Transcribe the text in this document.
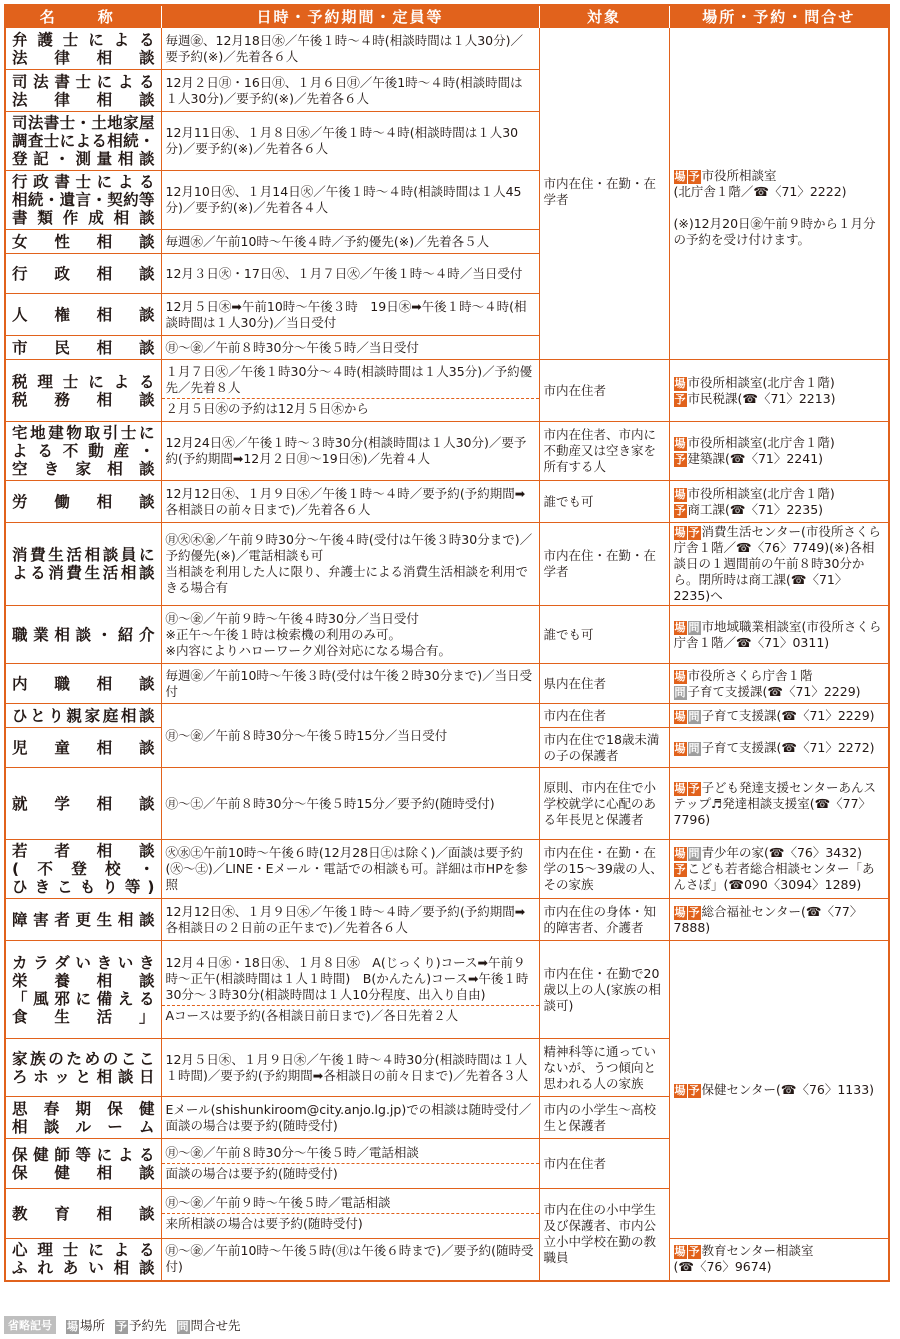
名　称	日時・予約期間・定員等	対象	場所・予約・問合せ
弁護士による
法律相談	毎週㊎、12月18日㊌／午後１時～４時(相談時間は１人30分)／要予約(※)／先着各６人	市内在住・在勤・在学者	場 予 市役所相談室
(北庁舎１階／☎〈71〉2222)

(※)12月20日㊎午前９時から１月分の予約を受け付けます。
司法書士による
法律相談	12月２日㊊・16日㊊、１月６日㊊／午後1時～４時(相談時間は１人30分)／要予約(※)／先着各６人		
司法書士・土地家屋
調査士による相続・
登記・測量相談	12月11日㊌、１月８日㊌／午後１時～４時(相談時間は１人30分)／要予約(※)／先着各６人		
行政書士による
相続・遺言・契約等
書類作成相談	12月10日㊋、１月14日㊋／午後１時～４時(相談時間は１人45分)／要予約(※)／先着各４人		
女性相談	毎週㊌／午前10時～午後４時／予約優先(※)／先着各５人		
行政相談	12月３日㊋・17日㊋、１月７日㊋／午後１時～４時／当日受付		
人権相談	12月５日㊍➡午前10時～午後３時　19日㊍➡午後１時～４時(相談時間は１人30分)／当日受付		
市民相談	㊊～㊎／午前８時30分～午後５時／当日受付		
税理士による
税務相談	１月７日㊋／午後１時30分～４時(相談時間は１人35分)／予約優先／先着８人
２月５日㊌の予約は12月５日㊍から	市内在住者	場 市役所相談室(北庁舎１階)
予 市民税課(☎〈71〉2213)
宅地建物取引士に
よる不動産・
空き家相談	12月24日㊋／午後１時～３時30分(相談時間は１人30分)／要予約(予約期間➡12月２日㊊～19日㊍)／先着４人	市内在住者、市内に不動産又は空き家を所有する人	場 市役所相談室(北庁舎１階)
予 建築課(☎〈71〉2241)
労働相談	12月12日㊍、１月９日㊍／午後１時～４時／要予約(予約期間➡各相談日の前々日まで)／先着各６人	誰でも可	場 市役所相談室(北庁舎１階)
予 商工課(☎〈71〉2235)
消費生活相談員に
よる消費生活相談	㊊㊋㊍㊎／午前９時30分～午後４時(受付は午後３時30分まで)／予約優先(※)／電話相談も可
当相談を利用した人に限り、弁護士による消費生活相談を利用できる場合有	市内在住・在勤・在学者	場 予 消費生活センター(市役所さくら庁舎１階／☎〈76〉7749)(※)各相談日の１週間前の午前８時30分から。閉所時は商工課(☎〈71〉2235)へ
職業相談・紹介	㊊～㊎／午前９時～午後４時30分／当日受付
※正午～午後１時は検索機の利用のみ可。
※内容によりハローワーク刈谷対応になる場合有。	誰でも可	場 問 市地域職業相談室(市役所さくら庁舎１階／☎〈71〉0311)
内職相談	毎週㊎／午前10時～午後３時(受付は午後２時30分まで)／当日受付	県内在住者	場 市役所さくら庁舎１階
問 子育て支援課(☎〈71〉2229)
ひとり親家庭相談	㊊～㊎／午前８時30分～午後５時15分／当日受付	市内在住者	場 問 子育て支援課(☎〈71〉2229)
児童相談		市内在住で18歳未満の子の保護者	場 問 子育て支援課(☎〈71〉2272)
就学相談	㊊～㊏／午前８時30分～午後５時15分／要予約(随時受付)	原則、市内在住で小学校就学に心配のある年長児と保護者	場 予 子ども発達支援センターあんステップ♬発達相談支援室(☎〈77〉7796)
若者相談
(不登校・
ひきこもり等)	㊋㊌㊏午前10時～午後６時(12月28日㊏は除く)／面談は要予約(㊋～㊏)／LINE・Eメール・電話での相談も可。詳細は市HPを参照	市内在住・在勤・在学の15～39歳の人、その家族	場 問 青少年の家(☎〈76〉3432)
予 こども若者総合相談センター「あんさぽ」(☎090〈3094〉1289)
障害者更生相談	12月12日㊍、１月９日㊍／午後１時～４時／要予約(予約期間➡各相談日の２日前の正午まで)／先着各６人	市内在住の身体・知的障害者、介護者	場 予 総合福祉センター(☎〈77〉7888)
カラダいきいき
栄養相談
「風邪に備える
食生活」	12月４日㊌・18日㊌、１月８日㊌　A(じっくり)コース➡午前９時～正午(相談時間は１人１時間)　B(かんたん)コース➡午後１時30分～３時30分(相談時間は１人10分程度、出入り自由)
Aコースは要予約(各相談日前日まで)／各日先着２人	市内在住・在勤で20歳以上の人(家族の相談可)	場 予 保健センター(☎〈76〉1133)
家族のためのここ
ろホッと相談日	12月５日㊍、１月９日㊍／午後１時～４時30分(相談時間は１人１時間)／要予約(予約期間➡各相談日の前々日まで)／先着各３人	精神科等に通っていないが、うつ傾向と思われる人の家族	
思春期保健
相談ルーム	Eメール(shishunkiroom@city.anjo.lg.jp)での相談は随時受付／面談の場合は要予約(随時受付)	市内の小学生～高校生と保護者	
保健師等による
保健相談	㊊～㊎／午前８時30分～午後５時／電話相談
面談の場合は要予約(随時受付)	市内在住者	
教育相談	㊊～㊎／午前９時～午後５時／電話相談
来所相談の場合は要予約(随時受付)	市内在住の小中学生及び保護者、市内公立小中学校在勤の教職員	
心理士による
ふれあい相談	㊊～㊎／午前10時～午後５時(㊊は午後６時まで)／要予約(随時受付)		場 予 教育センター相談室
(☎〈76〉9674)
省略記号	場 場所 予 予約先 問 問合せ先
